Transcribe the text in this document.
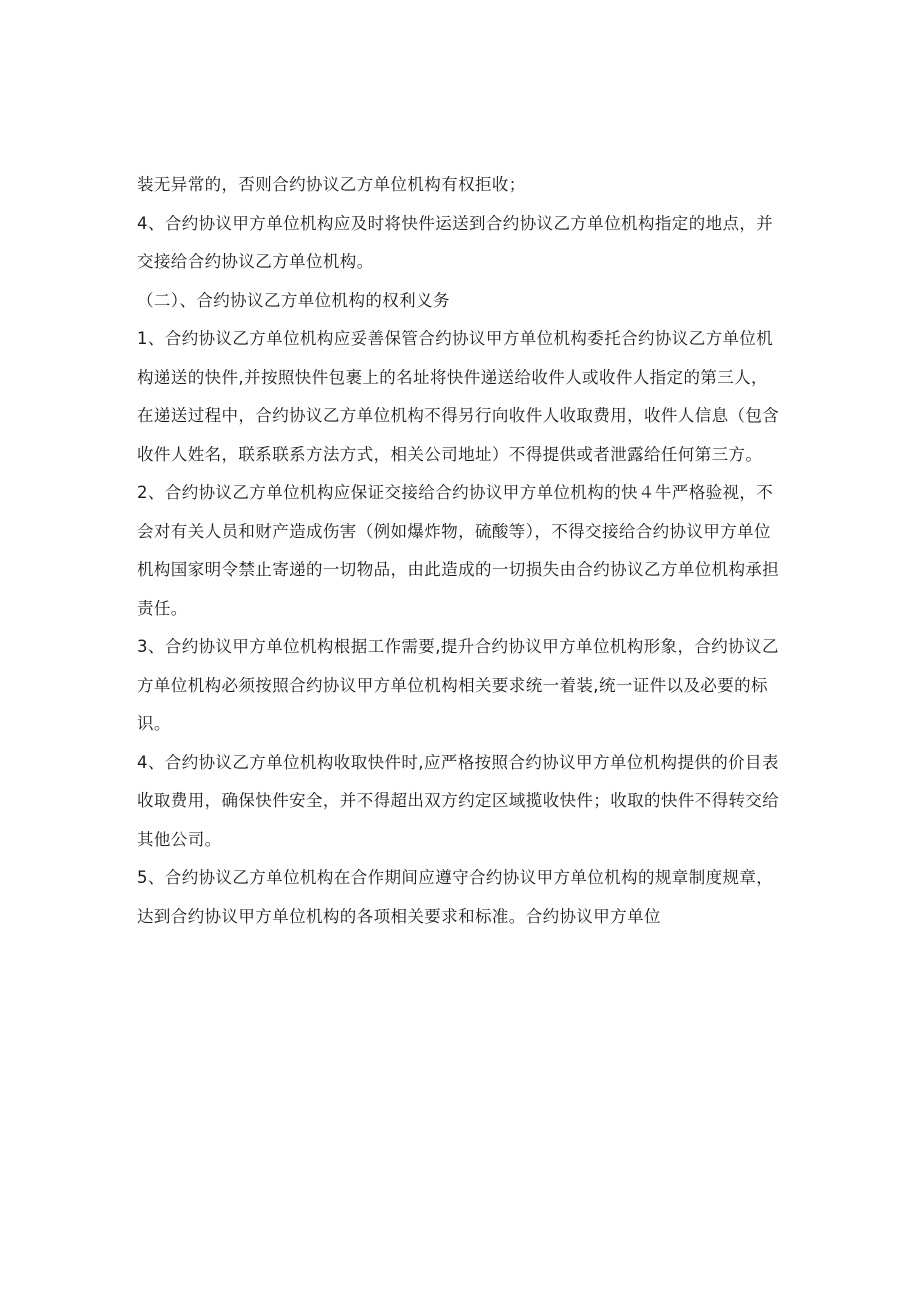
装无异常的，否则合约协议乙方单位机构有权拒收；

4、合约协议甲方单位机构应及时将快件运送到合约协议乙方单位机构指定的地点，并
交接给合约协议乙方单位机构。

（二）、合约协议乙方单位机构的权利义务

1、合约协议乙方单位机构应妥善保管合约协议甲方单位机构委托合约协议乙方单位机
构递送的快件,并按照快件包裹上的名址将快件递送给收件人或收件人指定的第三人，
在递送过程中，合约协议乙方单位机构不得另行向收件人收取费用，收件人信息（包含
收件人姓名，联系联系方法方式，相关公司地址）不得提供或者泄露给任何第三方。

2、合约协议乙方单位机构应保证交接给合约协议甲方单位机构的快４牛严格验视，不
会对有关人员和财产造成伤害（例如爆炸物，硫酸等），不得交接给合约协议甲方单位
机构国家明令禁止寄递的一切物品，由此造成的一切损失由合约协议乙方单位机构承担
责任。

3、合约协议甲方单位机构根据工作需要,提升合约协议甲方单位机构形象，合约协议乙
方单位机构必须按照合约协议甲方单位机构相关要求统一着装,统一证件以及必要的标
识。

4、合约协议乙方单位机构收取快件时,应严格按照合约协议甲方单位机构提供的价目表
收取费用，确保快件安全，并不得超出双方约定区域揽收快件；收取的快件不得转交给
其他公司。

5、合约协议乙方单位机构在合作期间应遵守合约协议甲方单位机构的规章制度规章，
达到合约协议甲方单位机构的各项相关要求和标准。合约协议甲方单位
